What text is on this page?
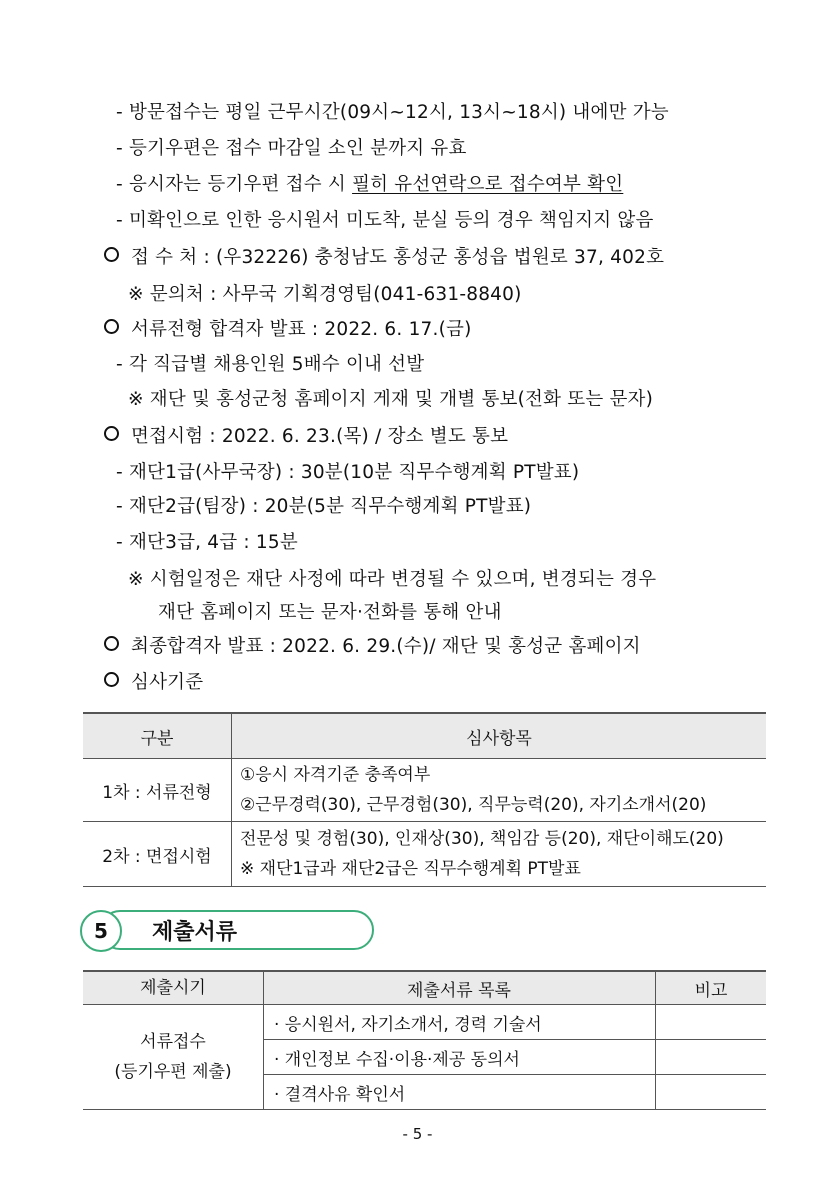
- 방문접수는 평일 근무시간(09시~12시, 13시~18시) 내에만 가능
- 등기우편은 접수 마감일 소인 분까지 유효
- 응시자는 등기우편 접수 시 필히 유선연락으로 접수여부 확인
- 미확인으로 인한 응시원서 미도착, 분실 등의 경우 책임지지 않음
접 수 처 : (우32226) 충청남도 홍성군 홍성읍 법원로 37, 402호
※ 문의처 : 사무국 기획경영팀(041-631-8840)
서류전형 합격자 발표 : 2022. 6. 17.(금)
- 각 직급별 채용인원 5배수 이내 선발
※ 재단 및 홍성군청 홈페이지 게재 및 개별 통보(전화 또는 문자)
면접시험 : 2022. 6. 23.(목) / 장소 별도 통보
- 재단1급(사무국장) : 30분(10분 직무수행계획 PT발표)
- 재단2급(팀장) : 20분(5분 직무수행계획 PT발표)
- 재단3급, 4급 : 15분
※ 시험일정은 재단 사정에 따라 변경될 수 있으며, 변경되는 경우
재단 홈페이지 또는 문자·전화를 통해 안내
최종합격자 발표 : 2022. 6. 29.(수)/ 재단 및 홍성군 홈페이지
심사기준
구분	심사항목
1차 : 서류전형	①응시 자격기준 충족여부
②근무경력(30), 근무경험(30), 직무능력(20), 자기소개서(20)

2차 : 면접시험	전문성 및 경험(30), 인재상(30), 책임감 등(20), 재단이해도(20)
※ 재단1급과 재단2급은 직무수행계획 PT발표
5	제출서류
제출시기	제출서류 목록	비고

서류접수
(등기우편 제출)	· 응시원서, 자기소개서, 경력 기술서	
	· 개인정보 수집·이용·제공 동의서	
	· 결격사유 확인서	
- 5 -
